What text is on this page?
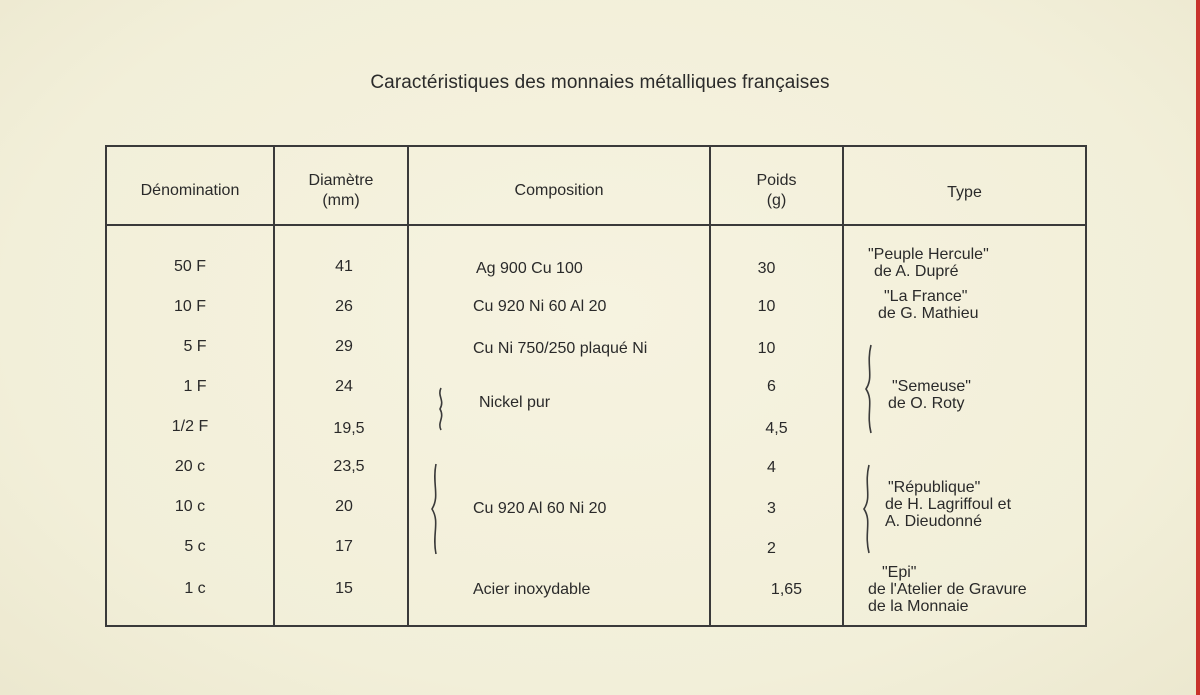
Caractéristiques des monnaies métalliques françaises
Dénomination
Diamètre
(mm)
Composition
Poids
(g)	Type
50 F
10 F
5 F
1 F
1/2 F
20 c
10 c
5 c
1 c
41
26
29
24
19,5
23,5
20
17
15
Ag 900 Cu 100
Cu 920 Ni 60 Al 20
Cu Ni 750/250 plaqué Ni
Nickel pur
Cu 920 Al 60 Ni 20
Acier inoxydable
30
10
10
6
4,5
4
3
2
1,65
"Peuple Hercule"
de A. Dupré
"La France"
de G. Mathieu
"Semeuse"
de O. Roty
"République"
de H. Lagriffoul et
A. Dieudonné
"Epi"
de l'Atelier de Gravure
de la Monnaie
